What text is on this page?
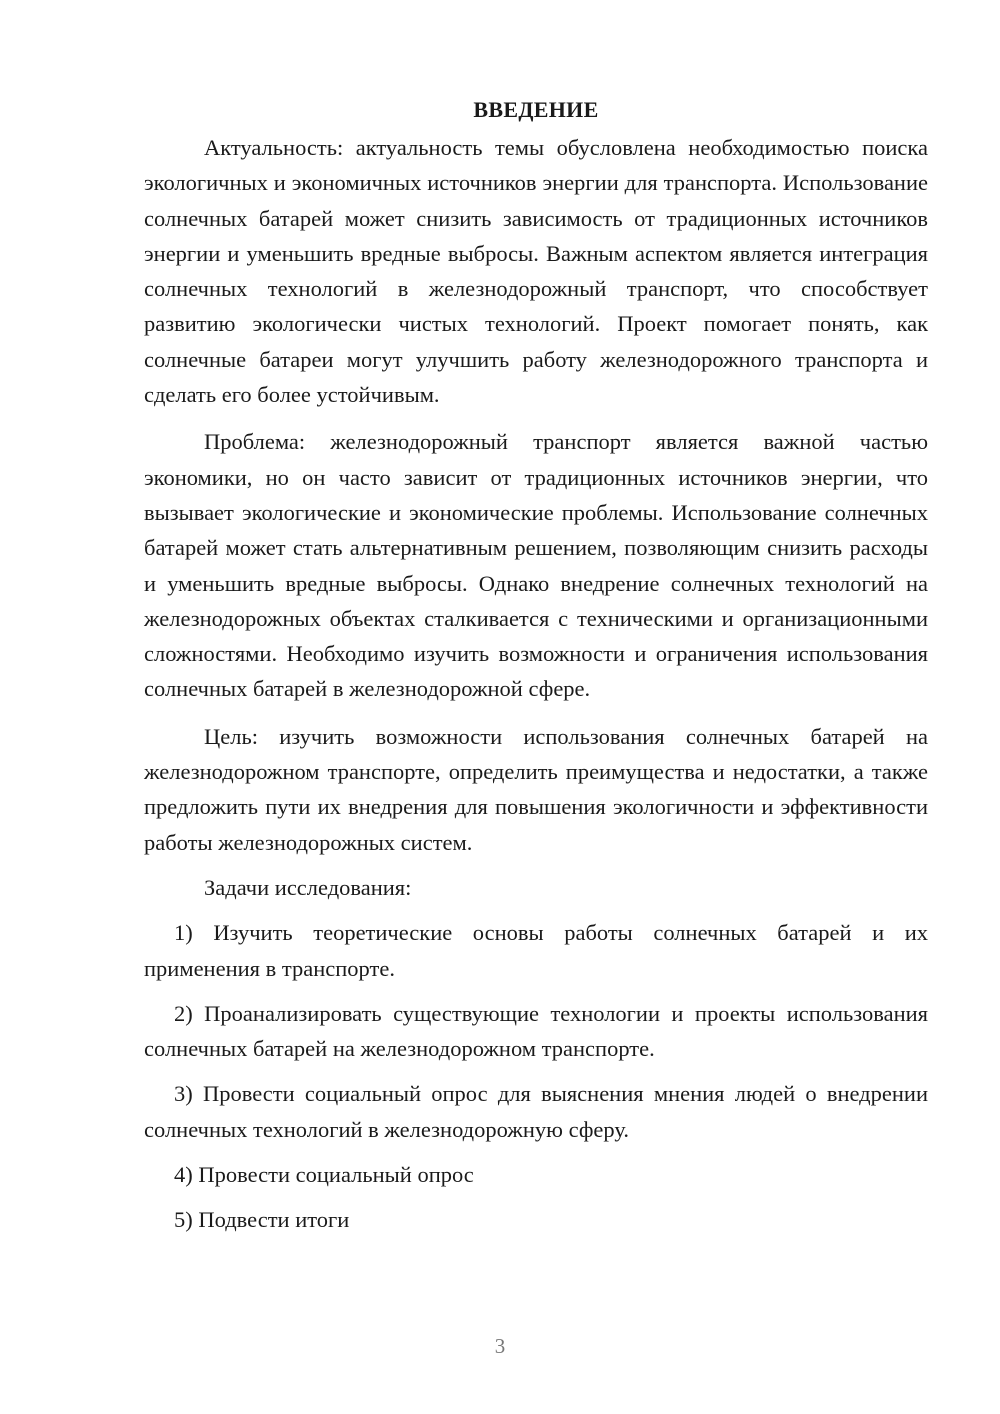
ВВЕДЕНИЕ

Актуальность: актуальность темы обусловлена необходимостью поиска экологичных и экономичных источников энергии для транспорта. Использование солнечных батарей может снизить зависимость от традиционных источников энергии и уменьшить вредные выбросы. Важным аспектом является интеграция солнечных технологий в железнодорожный транспорт, что способствует развитию экологически чистых технологий. Проект помогает понять, как солнечные батареи могут улучшить работу железнодорожного транспорта и сделать его более устойчивым.

Проблема: железнодорожный транспорт является важной частью экономики, но он часто зависит от традиционных источников энергии, что вызывает экологические и экономические проблемы. Использование солнечных батарей может стать альтернативным решением, позволяющим снизить расходы и уменьшить вредные выбросы. Однако внедрение солнечных технологий на железнодорожных объектах сталкивается с техническими и организационными сложностями. Необходимо изучить возможности и ограничения использования солнечных батарей в железнодорожной сфере.

Цель: изучить возможности использования солнечных батарей на железнодорожном транспорте, определить преимущества и недостатки, а также предложить пути их внедрения для повышения экологичности и эффективности работы железнодорожных систем.

Задачи исследования:

1) Изучить теоретические основы работы солнечных батарей и их применения в транспорте.

2) Проанализировать существующие технологии и проекты использования солнечных батарей на железнодорожном транспорте.

3) Провести социальный опрос для выяснения мнения людей о внедрении солнечных технологий в железнодорожную сферу.

4) Провести социальный опрос

5) Подвести итоги

3
